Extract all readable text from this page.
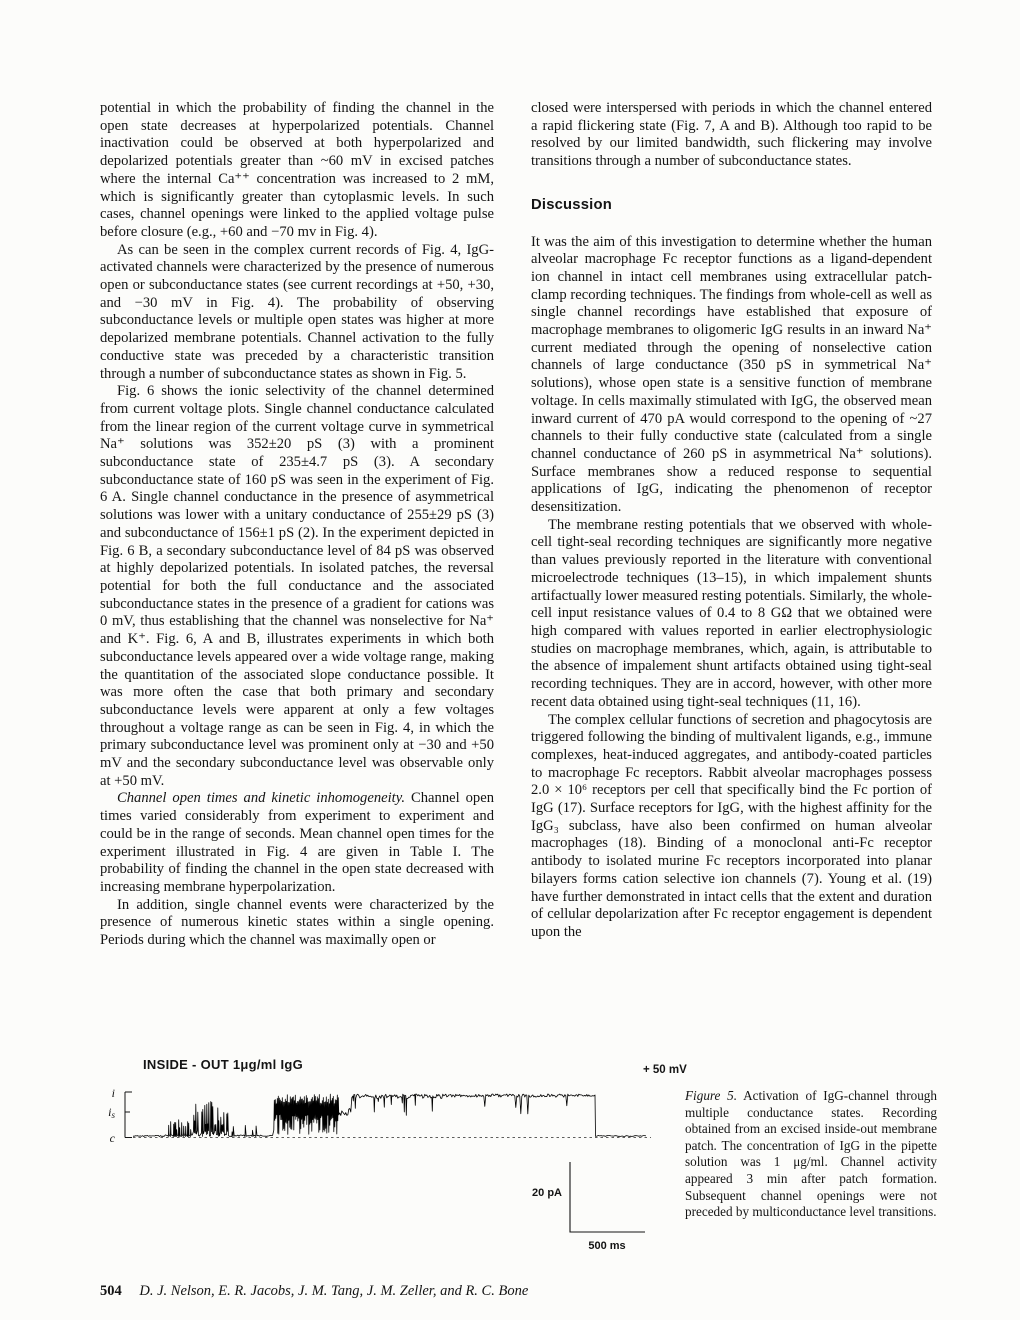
potential in which the probability of finding the channel in the open state decreases at hyperpolarized potentials. Channel inactivation could be observed at both hyperpolarized and depolarized potentials greater than ~60 mV in excised patches where the internal Ca⁺⁺ concentration was increased to 2 mM, which is significantly greater than cytoplasmic levels. In such cases, channel openings were linked to the applied voltage pulse before closure (e.g., +60 and −70 mv in Fig. 4).

As can be seen in the complex current records of Fig. 4, IgG-activated channels were characterized by the presence of numerous open or subconductance states (see current recordings at +50, +30, and −30 mV in Fig. 4). The probability of observing subconductance levels or multiple open states was higher at more depolarized membrane potentials. Channel activation to the fully conductive state was preceded by a characteristic transition through a number of subconductance states as shown in Fig. 5.

Fig. 6 shows the ionic selectivity of the channel determined from current voltage plots. Single channel conductance calculated from the linear region of the current voltage curve in symmetrical Na⁺ solutions was 352±20 pS (3) with a prominent subconductance state of 235±4.7 pS (3). A secondary subconductance state of 160 pS was seen in the experiment of Fig. 6 A. Single channel conductance in the presence of asymmetrical solutions was lower with a unitary conductance of 255±29 pS (3) and subconductance of 156±1 pS (2). In the experiment depicted in Fig. 6 B, a secondary subconductance level of 84 pS was observed at highly depolarized potentials. In isolated patches, the reversal potential for both the full conductance and the associated subconductance states in the presence of a gradient for cations was 0 mV, thus establishing that the channel was nonselective for Na⁺ and K⁺. Fig. 6, A and B, illustrates experiments in which both subconductance levels appeared over a wide voltage range, making the quantitation of the associated slope conductance possible. It was more often the case that both primary and secondary subconductance levels were apparent at only a few voltages throughout a voltage range as can be seen in Fig. 4, in which the primary subconductance level was prominent only at −30 and +50 mV and the secondary subconductance level was observable only at +50 mV.

Channel open times and kinetic inhomogeneity. Channel open times varied considerably from experiment to experiment and could be in the range of seconds. Mean channel open times for the experiment illustrated in Fig. 4 are given in Table I. The probability of finding the channel in the open state decreased with increasing membrane hyperpolarization.

In addition, single channel events were characterized by the presence of numerous kinetic states within a single opening. Periods during which the channel was maximally open or

closed were interspersed with periods in which the channel entered a rapid flickering state (Fig. 7, A and B). Although too rapid to be resolved by our limited bandwidth, such flickering may involve transitions through a number of subconductance states.

Discussion

It was the aim of this investigation to determine whether the human alveolar macrophage Fc receptor functions as a ligand-dependent ion channel in intact cell membranes using extracellular patch-clamp recording techniques. The findings from whole-cell as well as single channel recordings have established that exposure of macrophage membranes to oligomeric IgG results in an inward Na⁺ current mediated through the opening of nonselective cation channels of large conductance (350 pS in symmetrical Na⁺ solutions), whose open state is a sensitive function of membrane voltage. In cells maximally stimulated with IgG, the observed mean inward current of 470 pA would correspond to the opening of ~27 channels to their fully conductive state (calculated from a single channel conductance of 260 pS in asymmetrical Na⁺ solutions). Surface membranes show a reduced response to sequential applications of IgG, indicating the phenomenon of receptor desensitization.

The membrane resting potentials that we observed with whole-cell tight-seal recording techniques are significantly more negative than values previously reported in the literature with conventional microelectrode techniques (13–15), in which impalement shunts artifactually lower measured resting potentials. Similarly, the whole-cell input resistance values of 0.4 to 8 GΩ that we obtained were high compared with values reported in earlier electrophysiologic studies on macrophage membranes, which, again, is attributable to the absence of impalement shunt artifacts obtained using tight-seal recording techniques. They are in accord, however, with other more recent data obtained using tight-seal techniques (11, 16).

The complex cellular functions of secretion and phagocytosis are triggered following the binding of multivalent ligands, e.g., immune complexes, heat-induced aggregates, and antibody-coated particles to macrophage Fc receptors. Rabbit alveolar macrophages possess 2.0 × 10⁶ receptors per cell that specifically bind the Fc portion of IgG (17). Surface receptors for IgG, with the highest affinity for the IgG₃ subclass, have also been confirmed on human alveolar macrophages (18). Binding of a monoclonal anti-Fc receptor antibody to isolated murine Fc receptors incorporated into planar bilayers forms cation selective ion channels (7). Young et al. (19) have further demonstrated in intact cells that the extent and duration of cellular depolarization after Fc receptor engagement is dependent upon the

INSIDE - OUT 1μg/ml IgG	+ 50 mV
i
is
c
20 pA
500 ms
Figure 5. Activation of IgG-channel through multiple conductance states. Recording obtained from an excised inside-out membrane patch. The concentration of IgG in the pipette solution was 1 μg/ml. Channel activity appeared 3 min after patch formation. Subsequent channel openings were not preceded by multiconductance level transitions.
504 D. J. Nelson, E. R. Jacobs, J. M. Tang, J. M. Zeller, and R. C. Bone
